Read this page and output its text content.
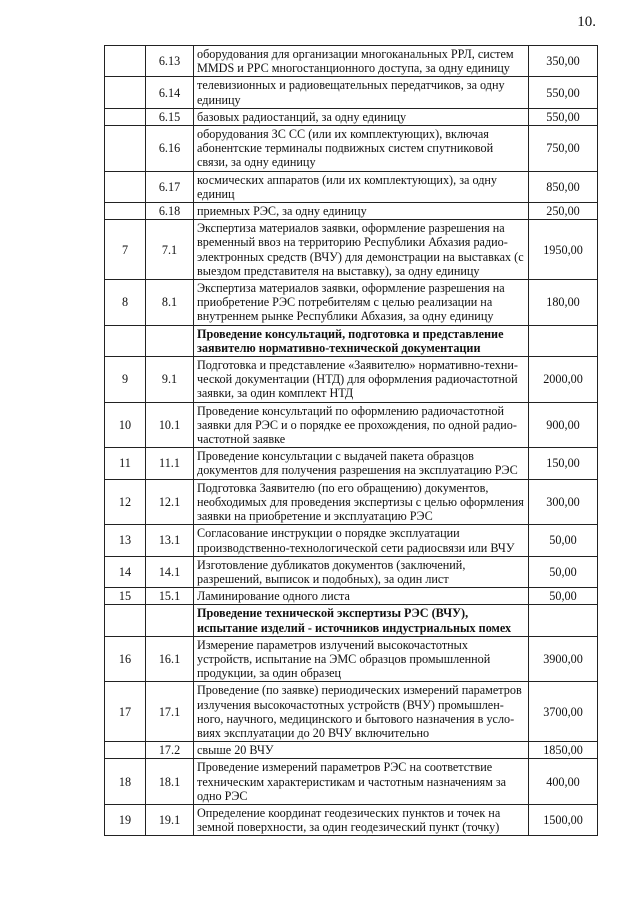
10.
	6.13	оборудования для организации многоканальных РРЛ, систем MMDS и РРС многостанционного доступа, за одну единицу	350,00
	6.14	телевизионных и радиовещательных передатчиков, за одну единицу	550,00
	6.15	базовых радиостанций, за одну единицу	550,00
	6.16	оборудования ЗС СС (или их комплектующих), включая абонентские терминалы подвижных систем спутниковой связи, за одну единицу	750,00
	6.17	космических аппаратов (или их комплектующих), за одну единиц	850,00
	6.18	приемных РЭС, за одну единицу	250,00
7	7.1	Экспертиза материалов заявки, оформление разрешения на временный ввоз на территорию Республики Абхазия радио-электронных средств (ВЧУ) для демонстрации на выставках (с выездом представителя на выставку), за одну единицу	1950,00
8	8.1	Экспертиза материалов заявки, оформление разрешения на приобретение РЭС потребителям с целью реализации на внутреннем рынке Республики Абхазия, за одну единицу	180,00
		Проведение консультаций, подготовка и представление заявителю нормативно-технической документации	
9	9.1	Подготовка и представление «Заявителю» нормативно-техни-ческой документации (НТД) для оформления радиочастотной заявки, за один комплект НТД	2000,00
10	10.1	Проведение консультаций по оформлению радиочастотной заявки для РЭС и о порядке ее прохождения, по одной радио-частотной заявке	900,00
11	11.1	Проведение консультации с выдачей пакета образцов документов для получения разрешения на эксплуатацию РЭС	150,00
12	12.1	Подготовка Заявителю (по его обращению) документов, необходимых для проведения экспертизы с целью оформления заявки на приобретение и эксплуатацию РЭС	300,00
13	13.1	Согласование инструкции о порядке эксплуатации производственно-технологической сети радиосвязи или ВЧУ	50,00
14	14.1	Изготовление дубликатов документов (заключений, разрешений, выписок и подобных), за один лист	50,00
15	15.1	Ламинирование одного листа	50,00
		Проведение технической экспертизы РЭС (ВЧУ), испытание изделий - источников индустриальных помех	
16	16.1	Измерение параметров излучений высокочастотных устройств, испытание на ЭМС образцов промышленной продукции, за один образец	3900,00
17	17.1	Проведение (по заявке) периодических измерений параметров излучения высокочастотных устройств (ВЧУ) промышлен-ного, научного, медицинского и бытового назначения в усло-виях эксплуатации до 20 ВЧУ включительно	3700,00
	17.2	свыше 20 ВЧУ	1850,00
18	18.1	Проведение измерений параметров РЭС на соответствие техническим характеристикам и частотным назначениям за одно РЭС	400,00
19	19.1	Определение координат геодезических пунктов и точек на земной поверхности, за один геодезический пункт (точку)	1500,00
